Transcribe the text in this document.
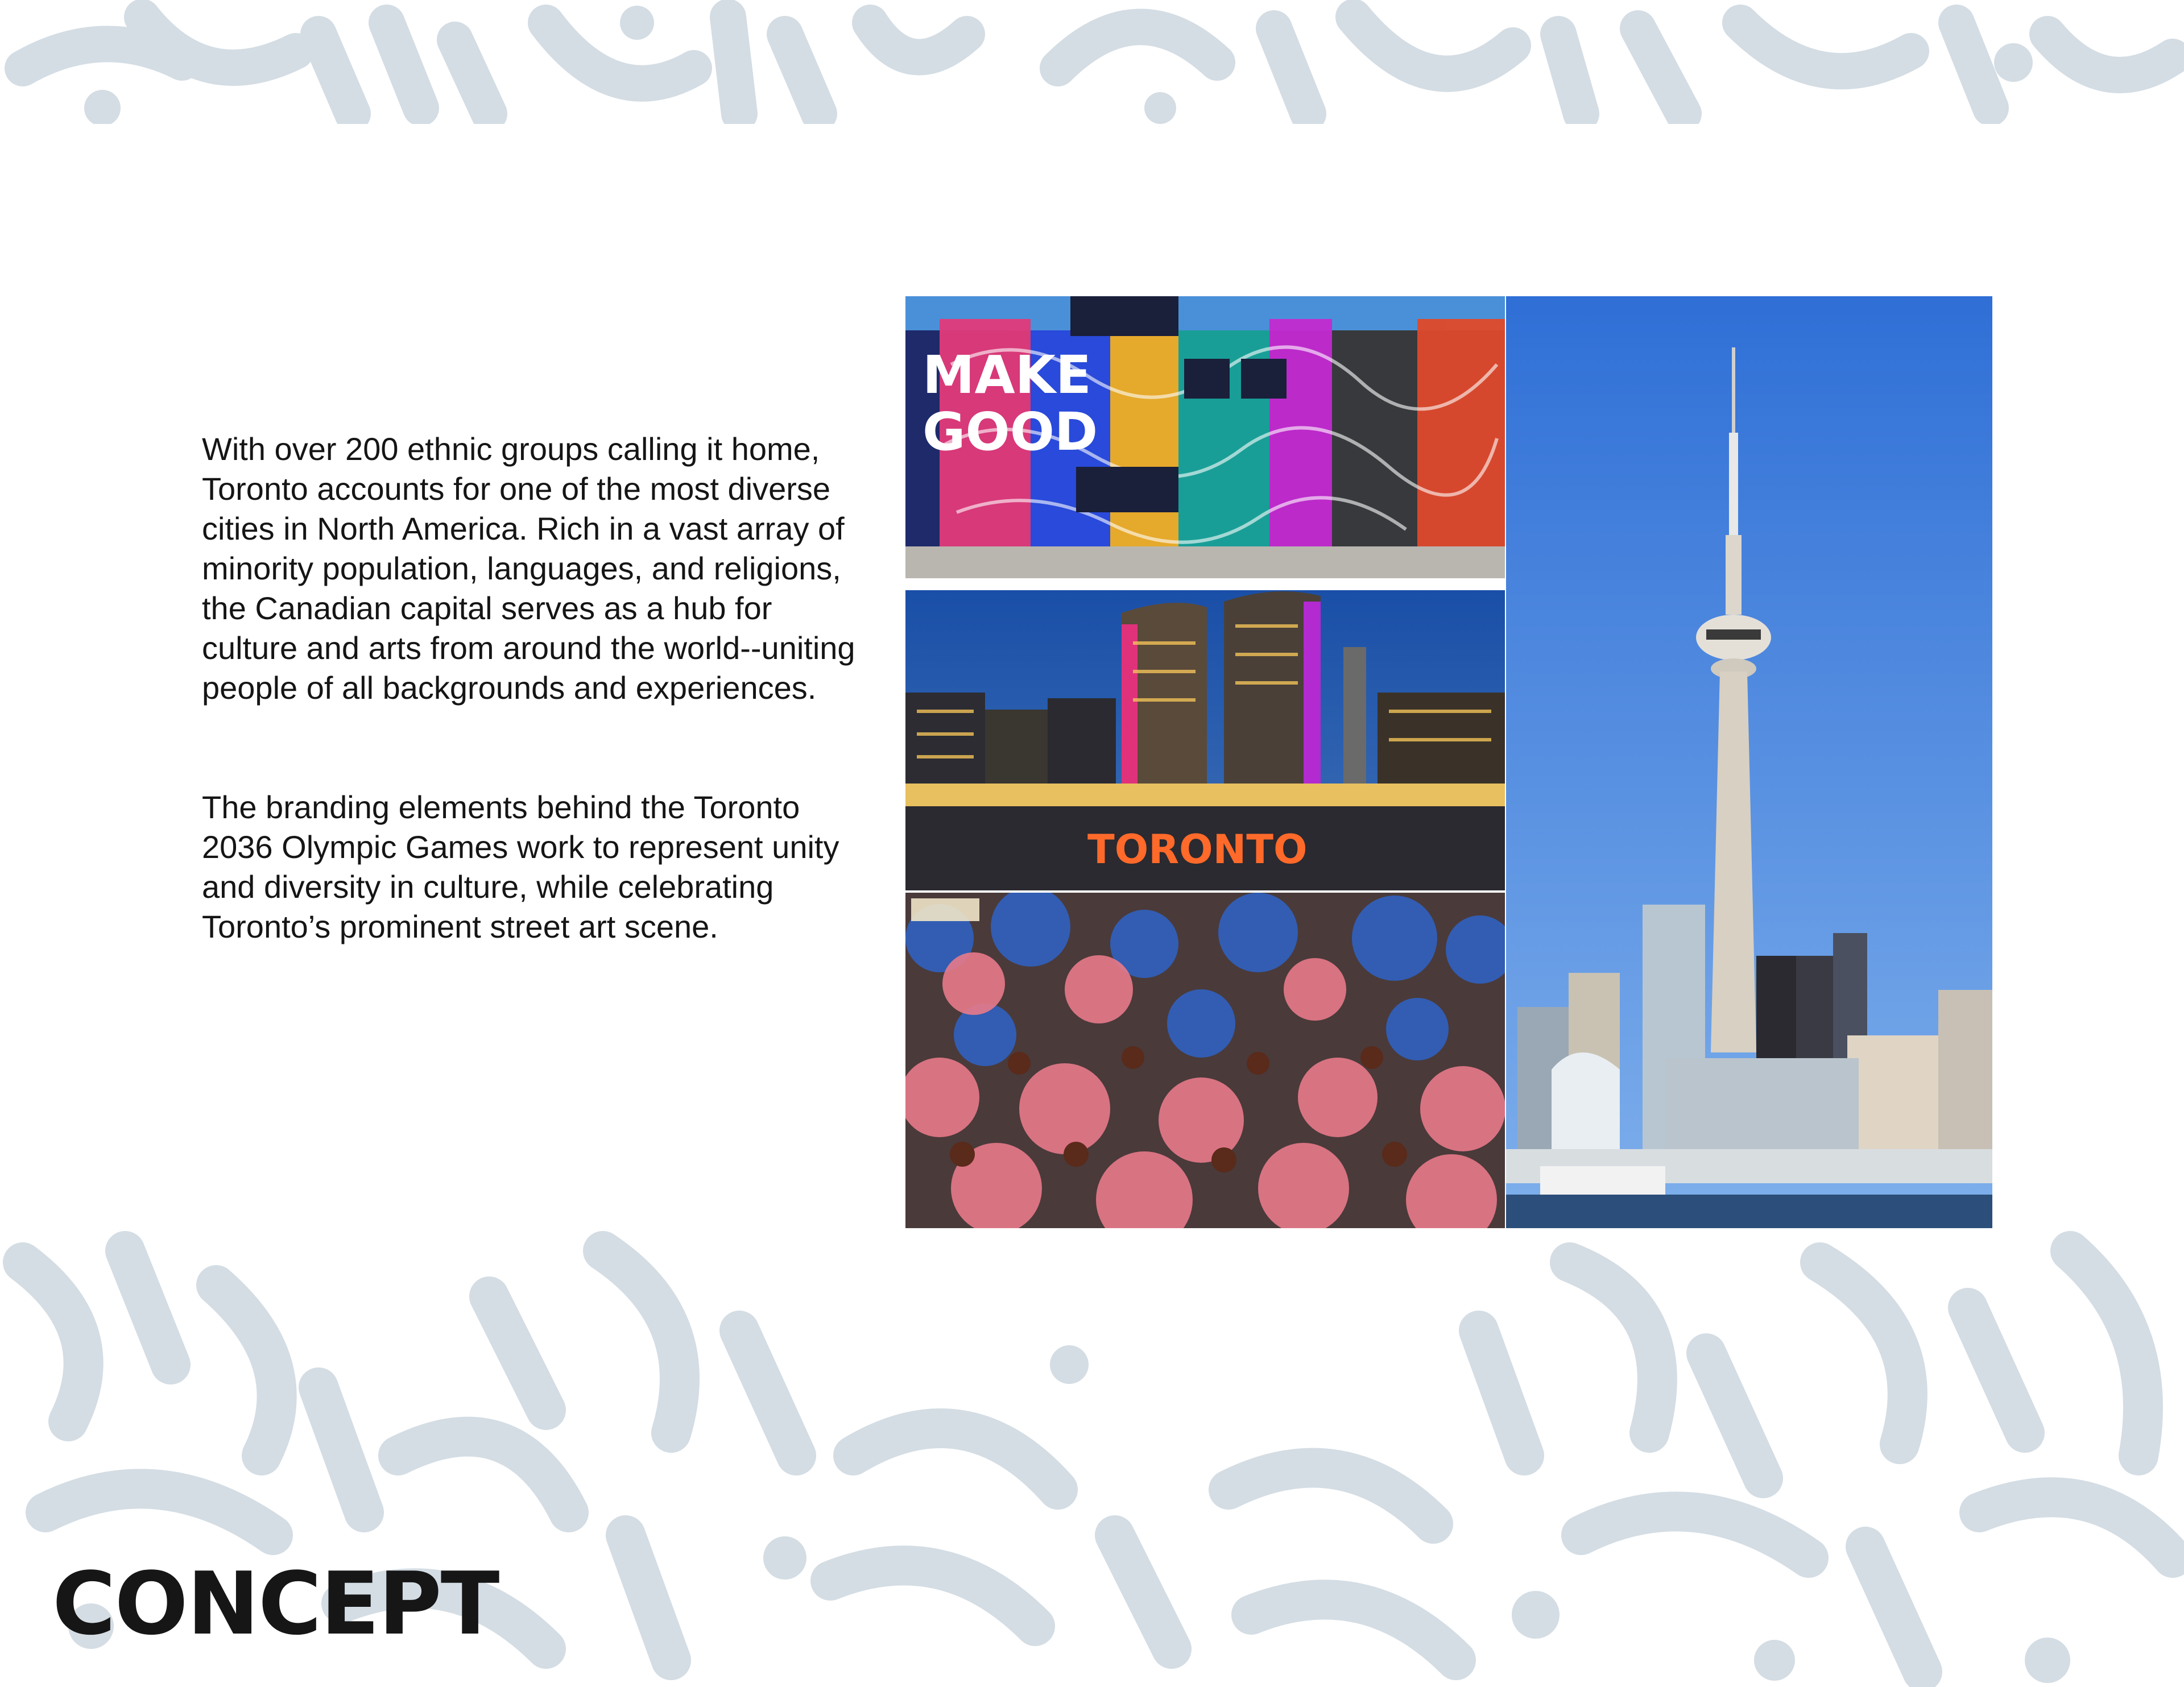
With over 200 ethnic groups calling it home, Toronto accounts for one of the most diverse cities in North America. Rich in a vast array of minority population, languages, and religions, the Canadian capital serves as a hub for culture and arts from around the world--uniting people of all backgrounds and experiences.

The branding elements behind the Toronto 2036 Olympic Games work to represent unity and diversity in culture, while celebrating Toronto’s prominent street art scene.

MAKE
GOOD
TORONTO
CONCEPT
